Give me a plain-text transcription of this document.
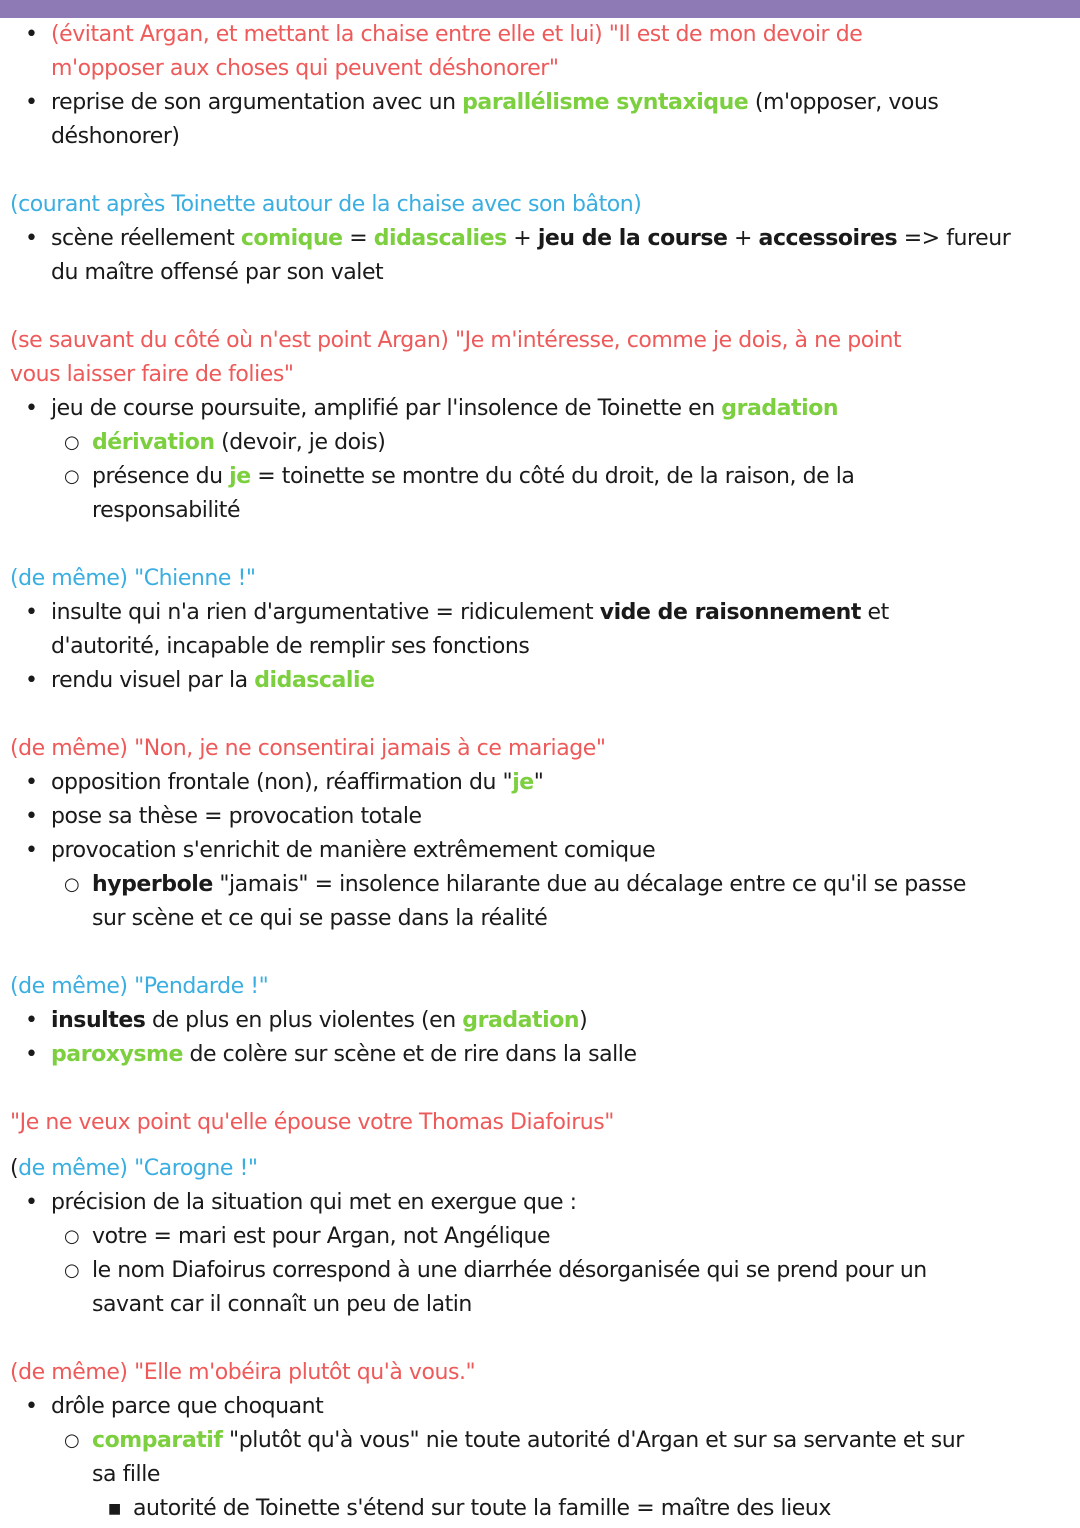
• (évitant Argan, et mettant la chaise entre elle et lui) "Il est de mon devoir de
m'opposer aux choses qui peuvent déshonorer"
• reprise de son argumentation avec un parallélisme syntaxique (m'opposer, vous
déshonorer)
(courant après Toinette autour de la chaise avec son bâton)
• scène réellement comique = didascalies + jeu de la course + accessoires => fureur
du maître offensé par son valet
(se sauvant du côté où n'est point Argan) "Je m'intéresse, comme je dois, à ne point
vous laisser faire de folies"
• jeu de course poursuite, amplifié par l'insolence de Toinette en gradation
○ dérivation (devoir, je dois)
○ présence du je = toinette se montre du côté du droit, de la raison, de la
responsabilité
(de même) "Chienne !"
• insulte qui n'a rien d'argumentative = ridiculement vide de raisonnement et
d'autorité, incapable de remplir ses fonctions
• rendu visuel par la didascalie
(de même) "Non, je ne consentirai jamais à ce mariage"
• opposition frontale (non), réaffirmation du "je"
• pose sa thèse = provocation totale
• provocation s'enrichit de manière extrêmement comique
○ hyperbole "jamais" = insolence hilarante due au décalage entre ce qu'il se passe
sur scène et ce qui se passe dans la réalité
(de même) "Pendarde !"
• insultes de plus en plus violentes (en gradation)
• paroxysme de colère sur scène et de rire dans la salle
"Je ne veux point qu'elle épouse votre Thomas Diafoirus"
(de même) "Carogne !"
• précision de la situation qui met en exergue que :
○ votre = mari est pour Argan, not Angélique
○ le nom Diafoirus correspond à une diarrhée désorganisée qui se prend pour un
savant car il connaît un peu de latin
(de même) "Elle m'obéira plutôt qu'à vous."
• drôle parce que choquant
○ comparatif "plutôt qu'à vous" nie toute autorité d'Argan et sur sa servante et sur
sa fille
■ autorité de Toinette s'étend sur toute la famille = maître des lieux
